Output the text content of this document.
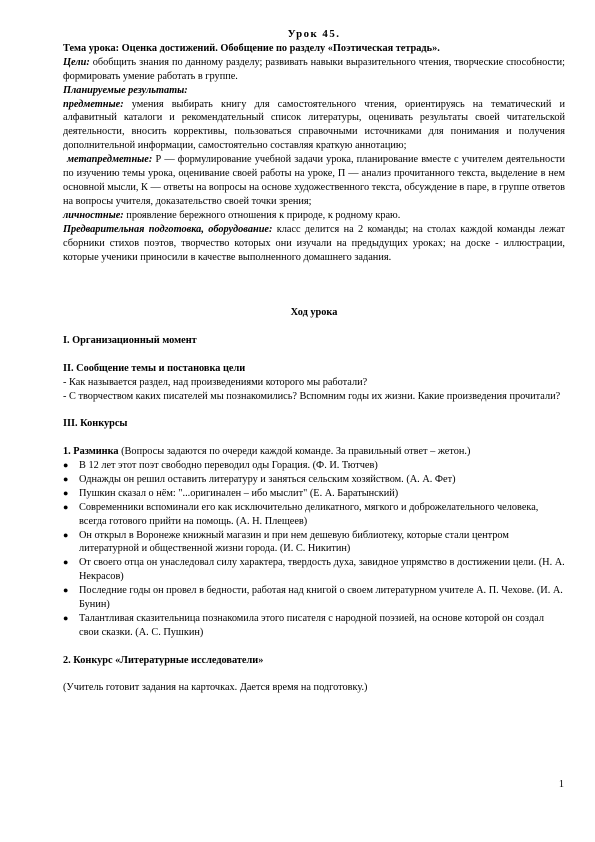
Урок 45.

Тема урока: Оценка достижений. Обобщение по разделу «Поэтическая тетрадь».

Цели: обобщить знания по данному разделу; развивать навыки выразительного чтения, творческие способности; формировать умение работать в группе.

Планируемые результаты:

предметные: умения выбирать книгу для самостоятельного чтения, ориентируясь на тематический и алфавитный каталоги и рекомендательный список литературы, оценивать результаты своей читательской деятельности, вносить коррективы, пользоваться справочными источниками для понимания и получения дополнительной информации, самостоятельно составляя краткую аннотацию;

метапредметные: Р — формулирование учебной задачи урока, планирование вместе с учителем деятельности по изучению темы урока, оценивание своей работы на уроке, П — анализ прочитанного текста, выделение в нем основной мысли, К — ответы на вопросы на основе художественного текста, обсуждение в паре, в группе ответов на вопросы учителя, доказательство своей точки зрения;

личностные: проявление бережного отношения к природе, к родному краю.

Предварительная подготовка, оборудование: класс делится на 2 команды; на столах каждой команды лежат сборники стихов поэтов, творчество которых они изучали на предыдущих уроках; на доске - иллюстрации, которые ученики приносили в качестве выполненного домашнего задания.

Ход урока

I. Организационный момент

II. Сообщение темы и постановка цели

- Как называется раздел, над произведениями которого мы работали?

- С творчеством каких писателей мы познакомились? Вспомним годы их жизни. Какие произведения прочитали?

III. Конкурсы

1. Разминка (Вопросы задаются по очереди каждой команде. За правильный ответ – жетон.)

● В 12 лет этот поэт свободно переводил оды Горация. (Ф. И. Тютчев)
● Однажды он решил оставить литературу и заняться сельским хозяйством. (А. А. Фет)
● Пушкин сказал о нём: "...оригинален – ибо мыслит" (Е. А. Баратынский)
● Современники вспоминали его как исключительно деликатного, мягкого и доброжелательного человека, всегда готового прийти на помощь. (А. Н. Плещеев)
● Он открыл в Воронеже книжный магазин и при нем дешевую библиотеку, которые стали центром литературной и общественной жизни города. (И. С. Никитин)
● От своего отца он унаследовал силу характера, твердость духа, завидное упрямство в достижении цели. (Н. А. Некрасов)
● Последние годы он провел в бедности, работая над книгой о своем литературном учителе А. П. Чехове. (И. А. Бунин)
● Талантливая сказительница познакомила этого писателя с народной поэзией, на основе которой он создал свои сказки. (А. С. Пушкин)

2. Конкурс «Литературные исследователи»

(Учитель готовит задания на карточках. Дается время на подготовку.)

1
